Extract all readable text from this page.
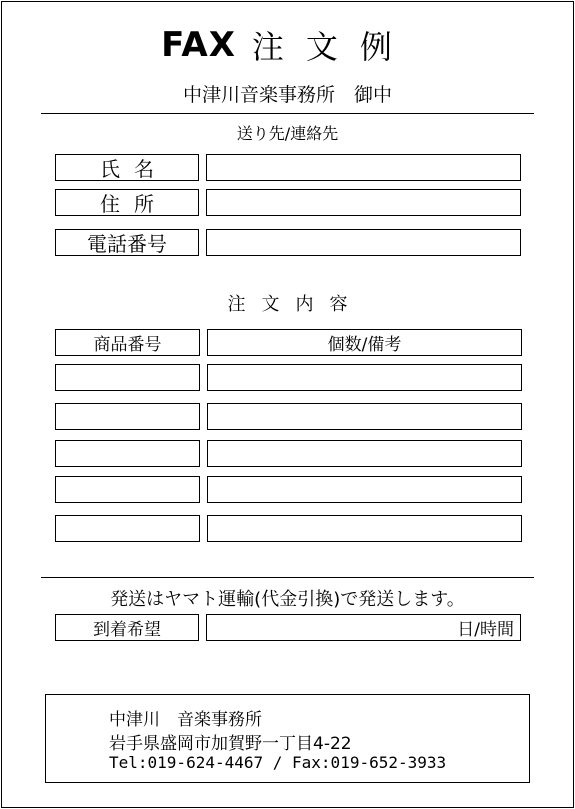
FAX 注文例
中津川音楽事務所　御中
送り先/連絡先
氏名
住所
電話番号
注文内容
商品番号	個数/備考
発送はヤマト運輸(代金引換)で発送します。
到着希望	日/時間
中津川　音楽事務所
岩手県盛岡市加賀野一丁目4-22
Tel:019-624-4467 / Fax:019-652-3933
